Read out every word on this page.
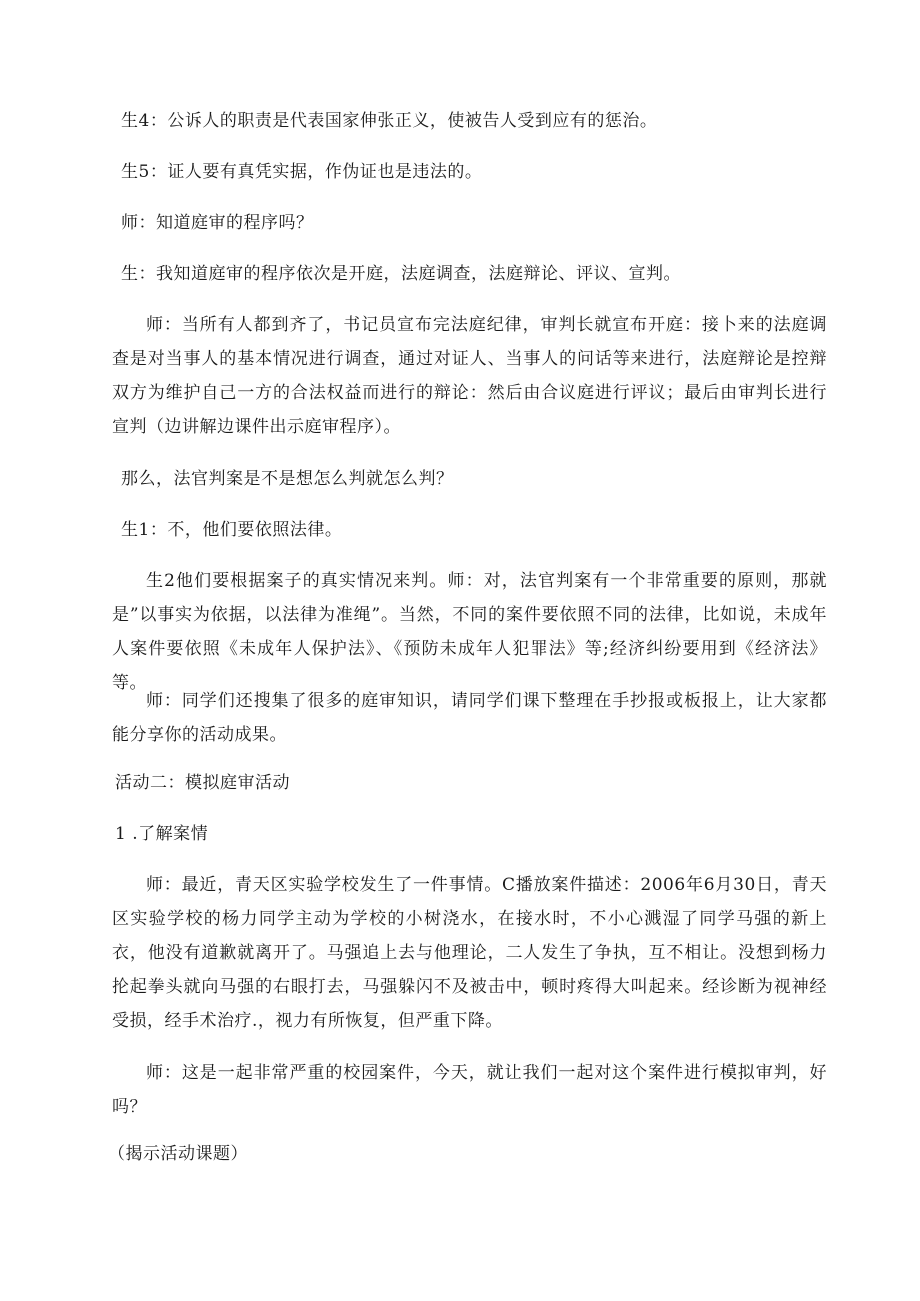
生4：公诉人的职责是代表国家伸张正义，使被告人受到应有的惩治。
生5：证人要有真凭实据，作伪证也是违法的。
师：知道庭审的程序吗？
生：我知道庭审的程序依次是开庭，法庭调查，法庭辩论、评议、宣判。
师：当所有人都到齐了，书记员宣布完法庭纪律，审判长就宣布开庭：接卜来的法庭调查是对当事人的基本情况进行调查，通过对证人、当事人的问话等来进行，法庭辩论是控辩双方为维护自己一方的合法权益而进行的辩论：然后由合议庭进行评议；最后由审判长进行宣判（边讲解边课件出示庭审程序）。
那么，法官判案是不是想怎么判就怎么判？
生1：不，他们要依照法律。
生2他们要根据案子的真实情况来判。师：对，法官判案有一个非常重要的原则，那就是”以事实为依据，以法律为准绳”。当然，不同的案件要依照不同的法律，比如说，未成年人案件要依照《未成年人保护法》、《预防未成年人犯罪法》等;经济纠纷要用到《经济法》等。
师：同学们还搜集了很多的庭审知识，请同学们课下整理在手抄报或板报上，让大家都能分享你的活动成果。
活动二：模拟庭审活动
1 .了解案情
师：最近，青天区实验学校发生了一件事情。C播放案件描述：2006年6月30日，青天区实验学校的杨力同学主动为学校的小树浇水，在接水时，不小心溅湿了同学马强的新上衣，他没有道歉就离开了。马强追上去与他理论，二人发生了争执，互不相让。没想到杨力抡起拳头就向马强的右眼打去，马强躲闪不及被击中，顿时疼得大叫起来。经诊断为视神经受损，经手术治疗.，视力有所恢复，但严重下降。
师：这是一起非常严重的校园案件，今天，就让我们一起对这个案件进行模拟审判，好吗？
（揭示活动课题）
